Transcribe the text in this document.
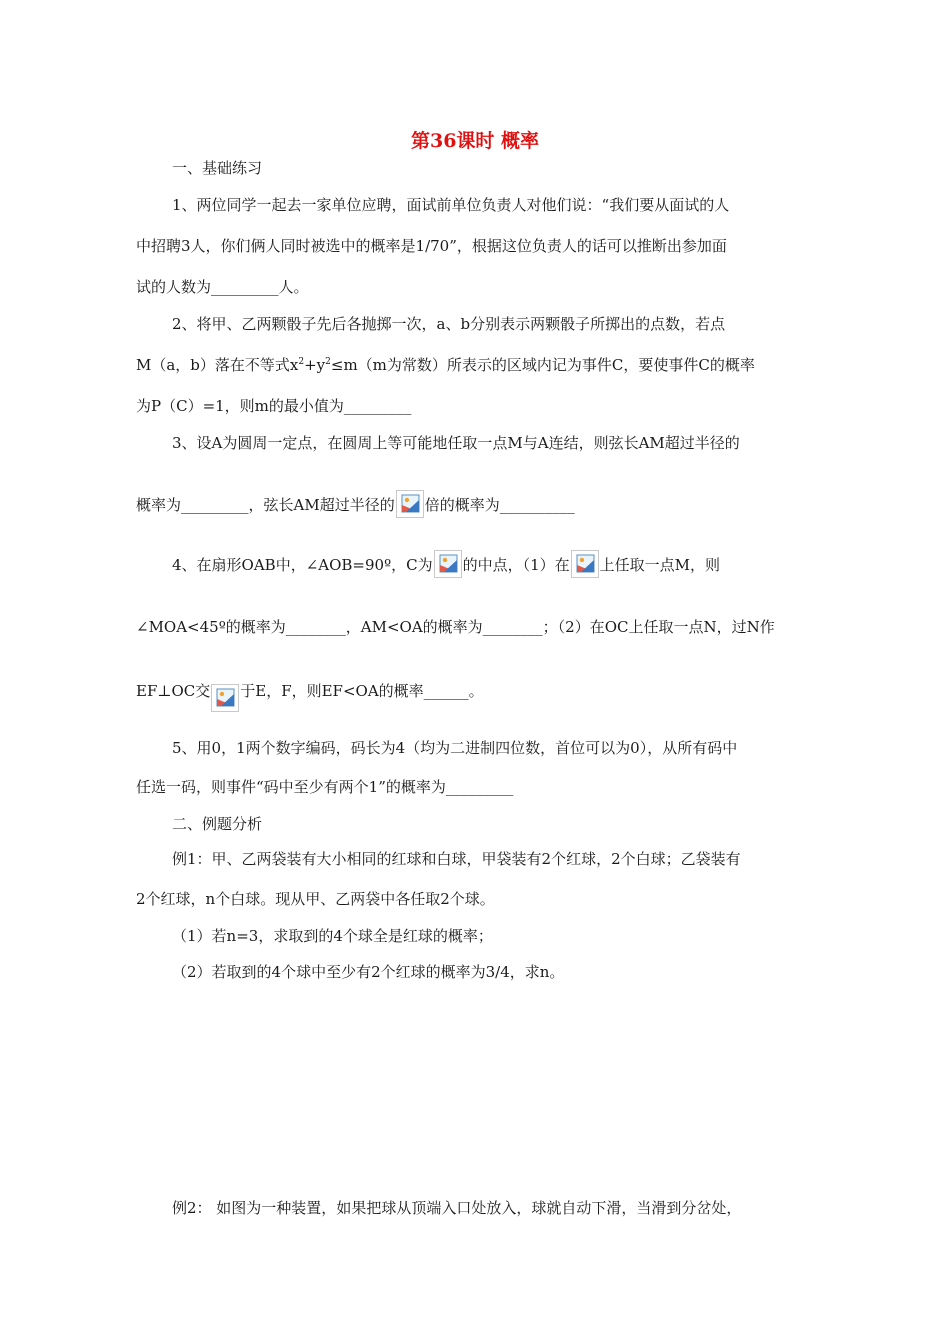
第36课时 概率
一、基础练习
1、两位同学一起去一家单位应聘，面试前单位负责人对他们说：“我们要从面试的人
中招聘3人，你们俩人同时被选中的概率是1/70”，根据这位负责人的话可以推断出参加面
试的人数为_________人。
2、将甲、乙两颗骰子先后各抛掷一次，a、b分别表示两颗骰子所掷出的点数，若点
M（a，b）落在不等式$x^2+y^2\le m(m$为常数）所表示的区域内记为事件C，要使事件C的概率
为P（C）=1，则m的最小值为_________
3、设A为圆周一定点，在圆周上等可能地任取一点M与A连结，则弦长AM超过半径的
概率为_________，弦长AM超过半径的 倍的概率为__________
4、在扇形OAB中，∠AOB=90º，C为 的中点，（1）在 上任取一点M，则
∠MOA<45º的概率为________，AM<OA的概率为________；（2）在OC上任取一点N，过N作
EF⊥OC交 于E，F，则EF<OA的概率______。
5、用0，1两个数字编码，码长为4（均为二进制四位数，首位可以为0），从所有码中
任选一码，则事件“码中至少有两个1”的概率为_________
二、例题分析
例1：甲、乙两袋装有大小相同的红球和白球，甲袋装有2个红球，2个白球；乙袋装有
2个红球，n个白球。现从甲、乙两袋中各任取2个球。
（1）若n=3，求取到的4个球全是红球的概率；
（2）若取到的4个球中至少有2个红球的概率为3/4，求n。
例2： 如图为一种装置，如果把球从顶端入口处放入，球就自动下滑，当滑到分岔处，
